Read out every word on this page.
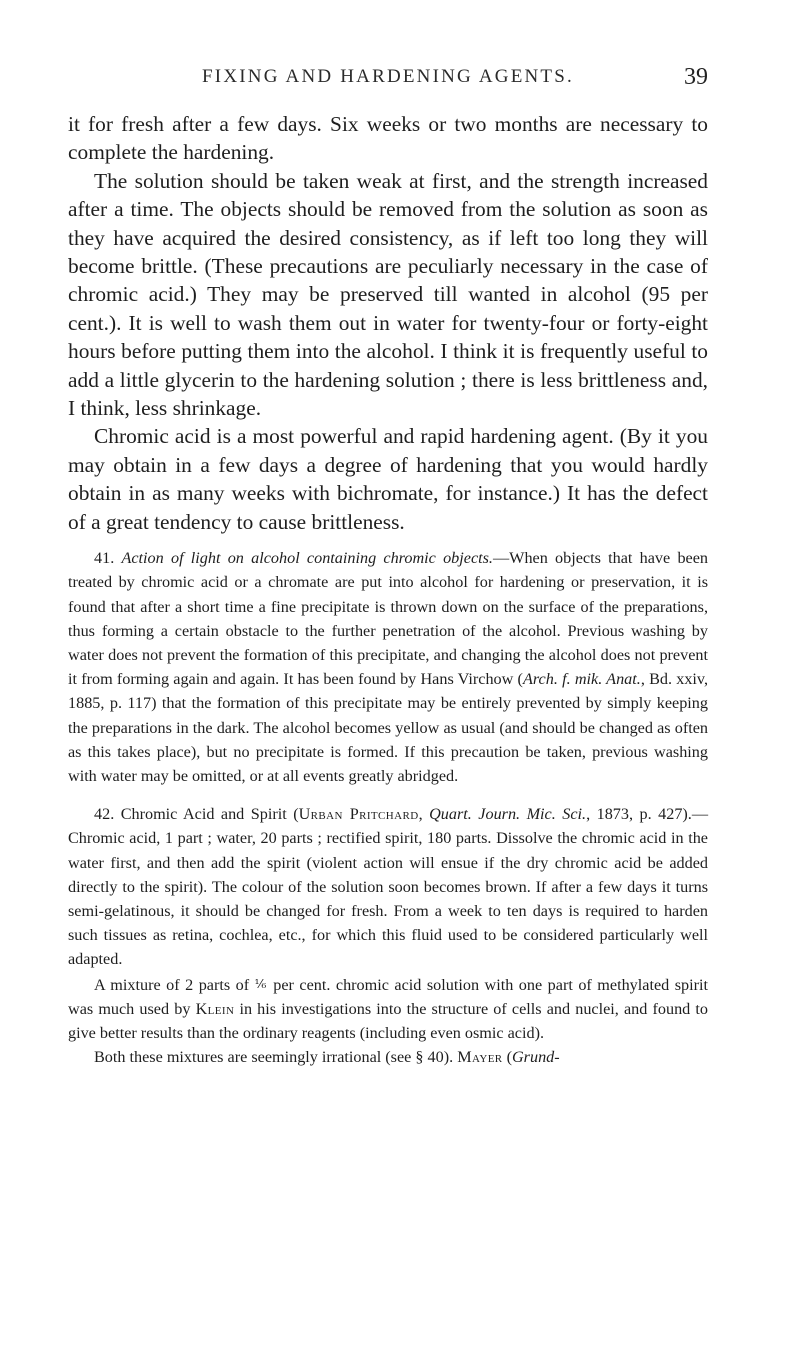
FIXING AND HARDENING AGENTS.	39

it for fresh after a few days. Six weeks or two months are necessary to complete the hardening.

The solution should be taken weak at first, and the strength increased after a time. The objects should be removed from the solution as soon as they have acquired the desired consistency, as if left too long they will become brittle. (These precautions are peculiarly necessary in the case of chromic acid.) They may be preserved till wanted in alcohol (95 per cent.). It is well to wash them out in water for twenty-four or forty-eight hours before putting them into the alcohol. I think it is frequently useful to add a little glycerin to the hardening solution ; there is less brittleness and, I think, less shrinkage.

Chromic acid is a most powerful and rapid hardening agent. (By it you may obtain in a few days a degree of hardening that you would hardly obtain in as many weeks with bichromate, for instance.) It has the defect of a great tendency to cause brittleness.

41. Action of light on alcohol containing chromic objects.—When objects that have been treated by chromic acid or a chromate are put into alcohol for hardening or preservation, it is found that after a short time a fine precipitate is thrown down on the surface of the preparations, thus forming a certain obstacle to the further penetration of the alcohol. Previous washing by water does not prevent the formation of this precipitate, and changing the alcohol does not prevent it from forming again and again. It has been found by Hans Virchow (Arch. f. mik. Anat., Bd. xxiv, 1885, p. 117) that the formation of this precipitate may be entirely prevented by simply keeping the preparations in the dark. The alcohol becomes yellow as usual (and should be changed as often as this takes place), but no precipitate is formed. If this precaution be taken, previous washing with water may be omitted, or at all events greatly abridged.

42. Chromic Acid and Spirit (Urban Pritchard, Quart. Journ. Mic. Sci., 1873, p. 427).—Chromic acid, 1 part ; water, 20 parts ; rectified spirit, 180 parts. Dissolve the chromic acid in the water first, and then add the spirit (violent action will ensue if the dry chromic acid be added directly to the spirit). The colour of the solution soon becomes brown. If after a few days it turns semi-gelatinous, it should be changed for fresh. From a week to ten days is required to harden such tissues as retina, cochlea, etc., for which this fluid used to be considered particularly well adapted.

A mixture of 2 parts of ⅙ per cent. chromic acid solution with one part of methylated spirit was much used by Klein in his investigations into the structure of cells and nuclei, and found to give better results than the ordinary reagents (including even osmic acid).

Both these mixtures are seemingly irrational (see § 40). Mayer (Grund-
